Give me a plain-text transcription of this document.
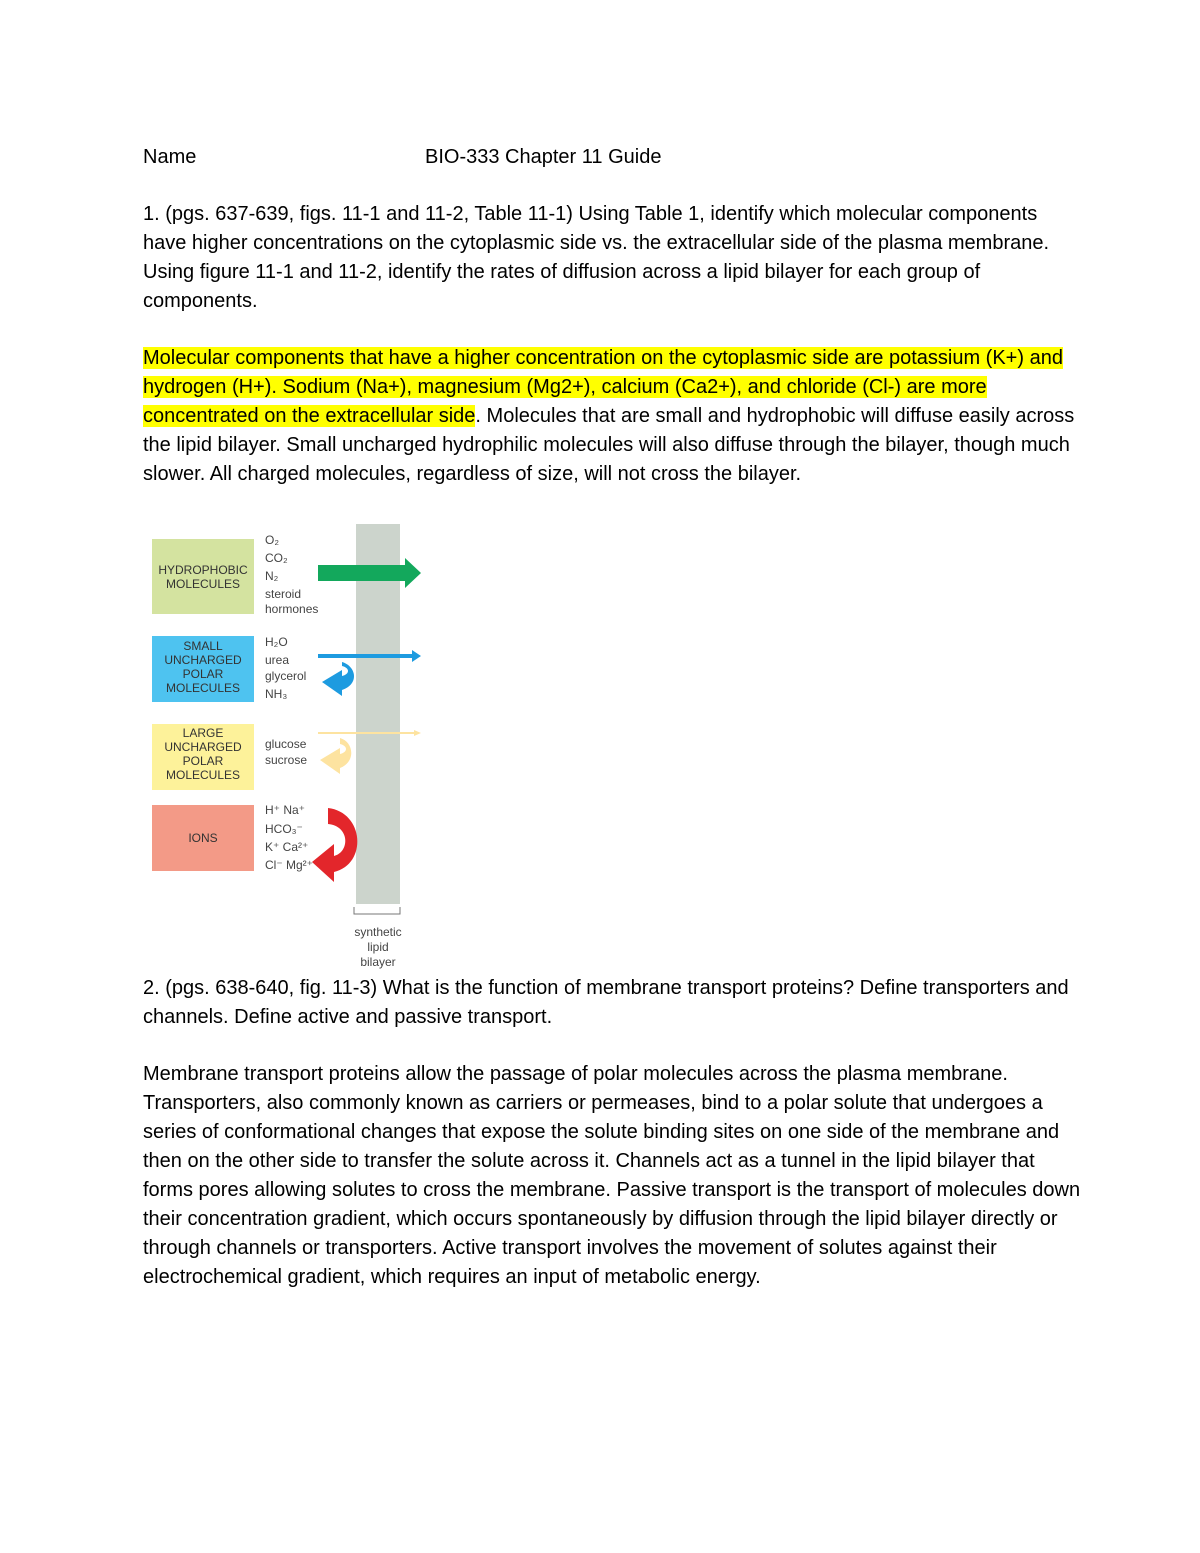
Name	BIO-333 Chapter 11 Guide

1. (pgs. 637-639, figs. 11-1 and 11-2, Table 11-1) Using Table 1, identify which molecular components have higher concentrations on the cytoplasmic side vs. the extracellular side of the plasma membrane. Using figure 11-1 and 11-2, identify the rates of diffusion across a lipid bilayer for each group of components.

Molecular components that have a higher concentration on the cytoplasmic side are potassium (K+) and hydrogen (H+). Sodium (Na+), magnesium (Mg2+), calcium (Ca2+), and chloride (Cl-) are more concentrated on the extracellular side. Molecules that are small and hydrophobic will diffuse easily across the lipid bilayer. Small uncharged hydrophilic molecules will also diffuse through the bilayer, though much slower. All charged molecules, regardless of size, will not cross the bilayer.

synthetic
lipid
bilayer
HYDROPHOBIC
MOLECULES
O₂
CO₂
N₂
steroid
hormones
SMALL
UNCHARGED
POLAR
MOLECULES
H₂O
urea
glycerol
NH₃
LARGE
UNCHARGED
POLAR
MOLECULES
glucose
sucrose
IONS
H⁺ Na⁺
HCO₃⁻
K⁺ Ca²⁺
Cl⁻ Mg²⁺

2. (pgs. 638-640, fig. 11-3) What is the function of membrane transport proteins? Define transporters and channels. Define active and passive transport.

Membrane transport proteins allow the passage of polar molecules across the plasma membrane. Transporters, also commonly known as carriers or permeases, bind to a polar solute that undergoes a series of conformational changes that expose the solute binding sites on one side of the membrane and then on the other side to transfer the solute across it. Channels act as a tunnel in the lipid bilayer that forms pores allowing solutes to cross the membrane. Passive transport is the transport of molecules down their concentration gradient, which occurs spontaneously by diffusion through the lipid bilayer directly or through channels or transporters. Active transport involves the movement of solutes against their electrochemical gradient, which requires an input of metabolic energy.
